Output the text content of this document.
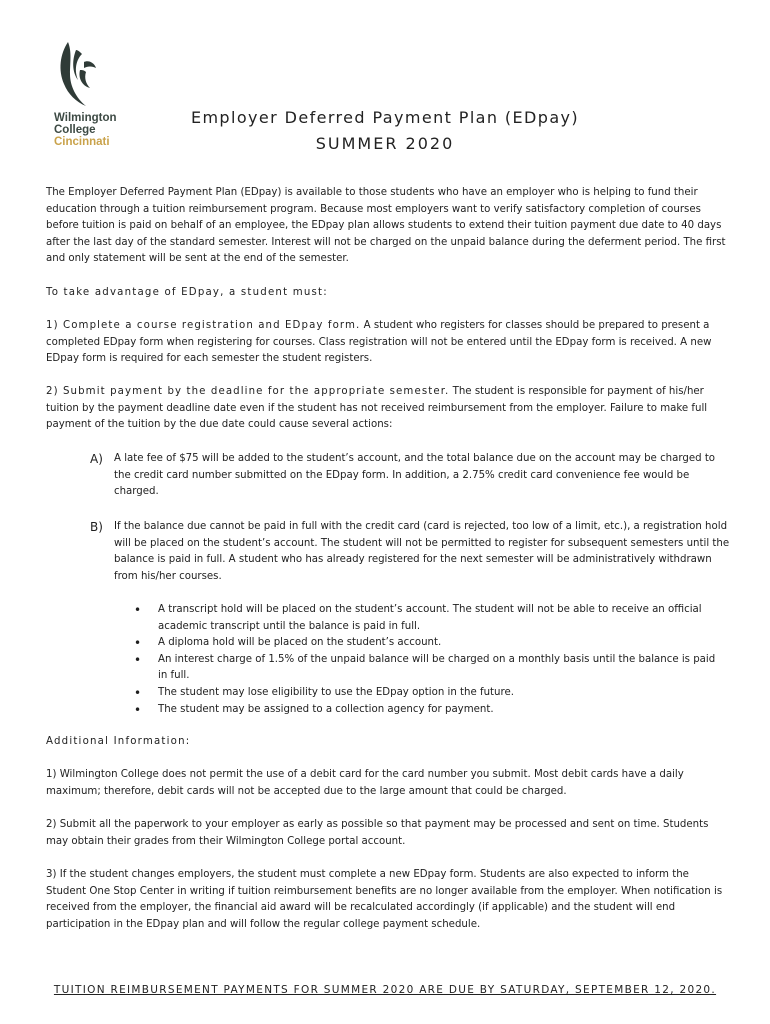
Wilmington
College
Cincinnati
Employer Deferred Payment Plan (EDpay)
SUMMER 2020
The Employer Deferred Payment Plan (EDpay) is available to those students who have an employer who is helping to fund their education through a tuition reimbursement program. Because most employers want to verify satisfactory completion of courses before tuition is paid on behalf of an employee, the EDpay plan allows students to extend their tuition payment due date to 40 days after the last day of the standard semester. Interest will not be charged on the unpaid balance during the deferment period. The first and only statement will be sent at the end of the semester.
To take advantage of EDpay, a student must:
1) Complete a course registration and EDpay form. A student who registers for classes should be prepared to present a completed EDpay form when registering for courses. Class registration will not be entered until the EDpay form is received. A new EDpay form is required for each semester the student registers.
2) Submit payment by the deadline for the appropriate semester. The student is responsible for payment of his/her tuition by the payment deadline date even if the student has not received reimbursement from the employer. Failure to make full payment of the tuition by the due date could cause several actions:
A) A late fee of $75 will be added to the student’s account, and the total balance due on the account may be charged to the credit card number submitted on the EDpay form. In addition, a 2.75% credit card convenience fee would be charged.
B) If the balance due cannot be paid in full with the credit card (card is rejected, too low of a limit, etc.), a registration hold will be placed on the student’s account. The student will not be permitted to register for subsequent semesters until the balance is paid in full. A student who has already registered for the next semester will be administratively withdrawn from his/her courses.
• A transcript hold will be placed on the student’s account. The student will not be able to receive an official academic transcript until the balance is paid in full.
• A diploma hold will be placed on the student’s account.
• An interest charge of 1.5% of the unpaid balance will be charged on a monthly basis until the balance is paid in full.
• The student may lose eligibility to use the EDpay option in the future.
• The student may be assigned to a collection agency for payment.
Additional Information:
1) Wilmington College does not permit the use of a debit card for the card number you submit. Most debit cards have a daily maximum; therefore, debit cards will not be accepted due to the large amount that could be charged.
2) Submit all the paperwork to your employer as early as possible so that payment may be processed and sent on time. Students may obtain their grades from their Wilmington College portal account.
3) If the student changes employers, the student must complete a new EDpay form. Students are also expected to inform the Student One Stop Center in writing if tuition reimbursement benefits are no longer available from the employer. When notification is received from the employer, the financial aid award will be recalculated accordingly (if applicable) and the student will end participation in the EDpay plan and will follow the regular college payment schedule.
TUITION REIMBURSEMENT PAYMENTS FOR SUMMER 2020 ARE DUE BY SATURDAY, SEPTEMBER 12, 2020.
